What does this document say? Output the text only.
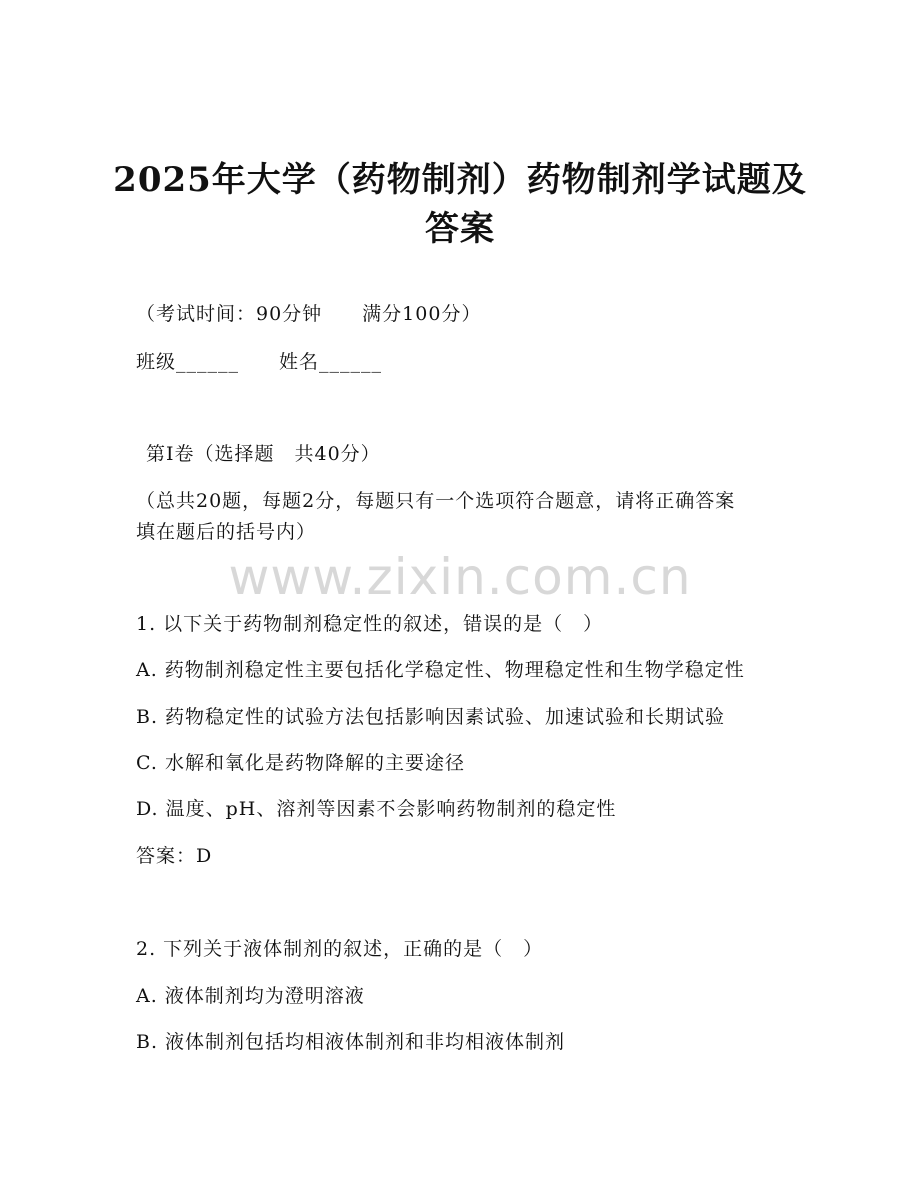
2025年大学（药物制剂）药物制剂学试题及
答案
（考试时间：90分钟　　满分100分）
班级______　　姓名______
第I卷（选择题　共40分）
（总共20题，每题2分，每题只有一个选项符合题意，请将正确答案
填在题后的括号内）
www.zixin.com.cn
1. 以下关于药物制剂稳定性的叙述，错误的是（　）
A. 药物制剂稳定性主要包括化学稳定性、物理稳定性和生物学稳定性
B. 药物稳定性的试验方法包括影响因素试验、加速试验和长期试验
C. 水解和氧化是药物降解的主要途径
D. 温度、pH、溶剂等因素不会影响药物制剂的稳定性
答案：D
2. 下列关于液体制剂的叙述，正确的是（　）
A. 液体制剂均为澄明溶液
B. 液体制剂包括均相液体制剂和非均相液体制剂
